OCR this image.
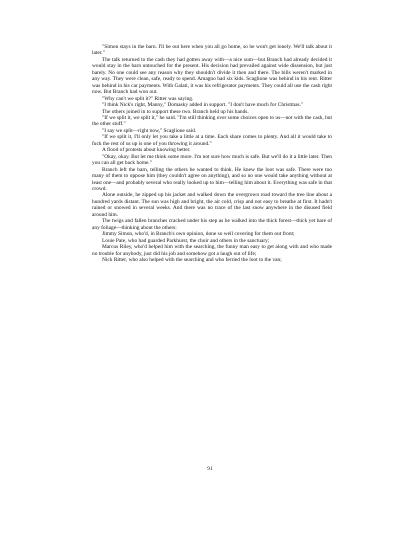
"Simon stays in the barn. I'll be out here when you all go home, so he won't get lonely. We'll talk about it later."

The talk returned to the cash they had gotten away with—a nice sum—but Branch had already decided it would stay in the barn untouched for the present. His decision had prevailed against wide dissension, but just barely. No one could see any reason why they shouldn't divide it then and there. The bills weren't marked in any way. They were clean, safe, ready to spend. Amagno had six kids. Scaglione was behind in his rent. Ritter was behind in his car payments. With Galati, it was his refrigerator payments. They could all use the cash right now. But Branch had won out.

"Why can't we split it?" Ritter was saying.

"I think Nick's right, Manny," Domasky added in support. "I don't have much for Christmas."

The others joined in to support these two. Branch held up his hands.

"If we split it, we split it," he said. "I'm still thinking over some choices open to us—not with the cash, but the other stuff."

"I say we split—right now," Scaglione said.

"If we split it, I'll only let you take a little at a time. Each share comes to plenty. And all it would take to fuck the rest of us up is one of you throwing it around."

A flood of protests about knowing better.

"Okay, okay. But let me think some more. I'm not sure how much is safe. But we'll do it a little later. Then you can all get back home."

Branch left the barn, telling the others he wanted to think. He knew the loot was safe. There were too many of them to oppose him (they couldn't agree on anything), and so no one would take anything without at least one—and probably several who really looked up to him—telling him about it. Everything was safe in that crowd.

Alone outside, he zipped up his jacket and walked down the overgrown road toward the tree line about a hundred yards distant. The sun was high and bright, the air cold, crisp and not easy to breathe at first. It hadn't rained or snowed in several weeks. And there was no trace of the last snow anywhere in the disused field around him.

The twigs and fallen branches cracked under his step as he walked into the thick forest—thick yet bare of any foliage—thinking about the others:

Jimmy Simon, who'd, in Branch's own opinion, done so well covering for them out front;

Louie Pate, who had guarded Parkhurst, the choir and others in the sanctuary;

Marcus Riley, who'd helped him with the searching, the funny man easy to get along with and who made no trouble for anybody, just did his job and somehow got a laugh out of life;

Nick Ritter, who also helped with the searching and who ferried the loot to the van;

91
